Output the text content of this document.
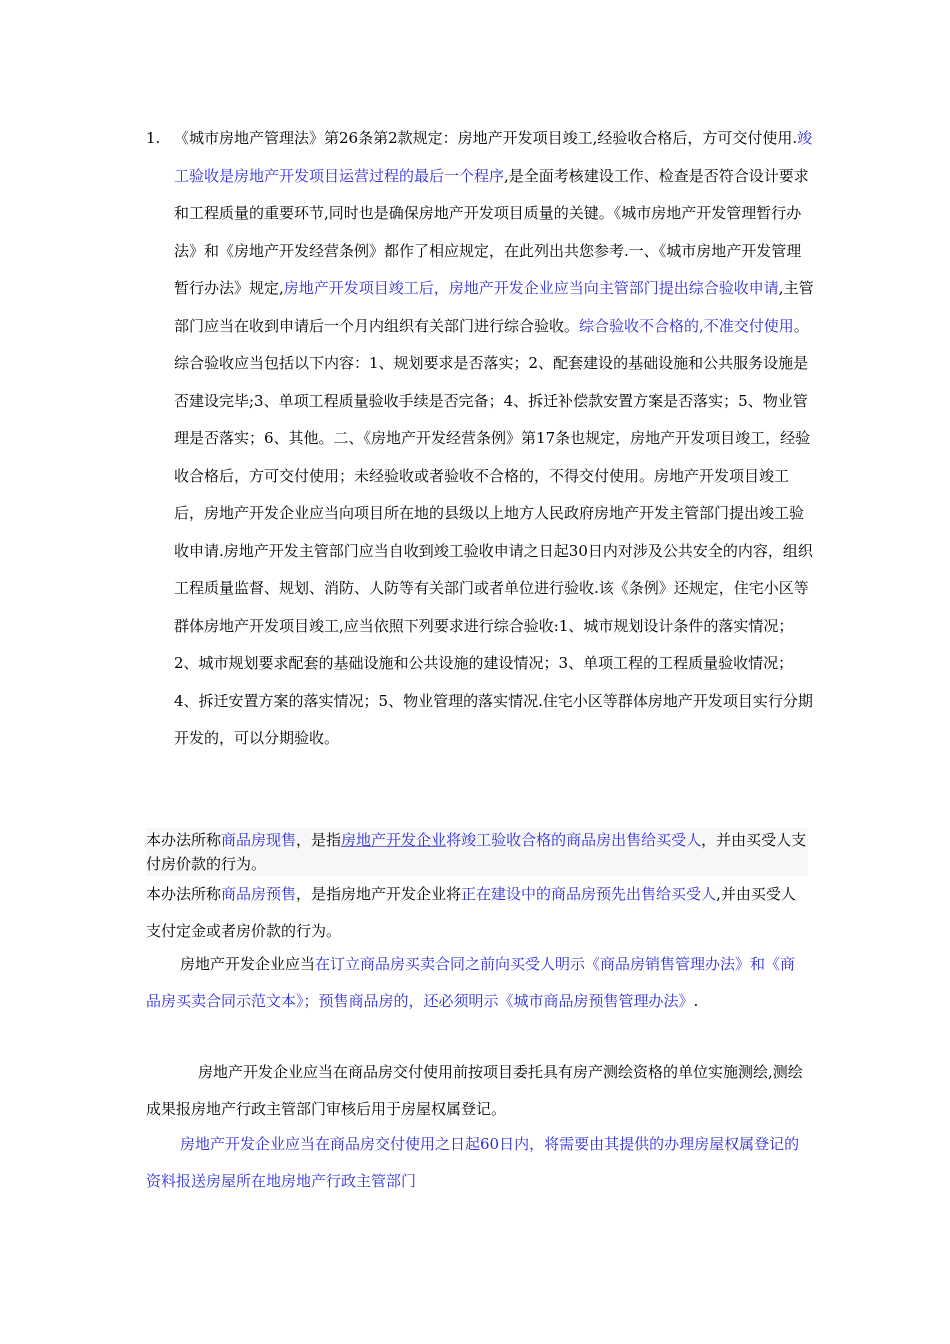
1. 《城市房地产管理法》第26条第2款规定：房地产开发项目竣工,经验收合格后，方可交付使用.竣工验收是房地产开发项目运营过程的最后一个程序,是全面考核建设工作、检查是否符合设计要求和工程质量的重要环节,同时也是确保房地产开发项目质量的关键。《城市房地产开发管理暂行办法》和《房地产开发经营条例》都作了相应规定，在此列出共您参考.一、《城市房地产开发管理暂行办法》规定,房地产开发项目竣工后，房地产开发企业应当向主管部门提出综合验收申请,主管部门应当在收到申请后一个月内组织有关部门进行综合验收。综合验收不合格的,不准交付使用。综合验收应当包括以下内容：1、规划要求是否落实；2、配套建设的基础设施和公共服务设施是否建设完毕;3、单项工程质量验收手续是否完备；4、拆迁补偿款安置方案是否落实；5、物业管理是否落实；6、其他。二、《房地产开发经营条例》第17条也规定，房地产开发项目竣工，经验收合格后，方可交付使用；未经验收或者验收不合格的，不得交付使用。房地产开发项目竣工后，房地产开发企业应当向项目所在地的县级以上地方人民政府房地产开发主管部门提出竣工验收申请.房地产开发主管部门应当自收到竣工验收申请之日起30日内对涉及公共安全的内容，组织工程质量监督、规划、消防、人防等有关部门或者单位进行验收.该《条例》还规定，住宅小区等群体房地产开发项目竣工,应当依照下列要求进行综合验收:1、城市规划设计条件的落实情况；2、城市规划要求配套的基础设施和公共设施的建设情况；3、单项工程的工程质量验收情况；4、拆迁安置方案的落实情况；5、物业管理的落实情况.住宅小区等群体房地产开发项目实行分期开发的，可以分期验收。
本办法所称商品房现售，是指房地产开发企业将竣工验收合格的商品房出售给买受人，并由买受人支付房价款的行为。
本办法所称商品房预售，是指房地产开发企业将正在建设中的商品房预先出售给买受人,并由买受人支付定金或者房价款的行为。
房地产开发企业应当在订立商品房买卖合同之前向买受人明示《商品房销售管理办法》和《商品房买卖合同示范文本》；预售商品房的，还必须明示《城市商品房预售管理办法》.
房地产开发企业应当在商品房交付使用前按项目委托具有房产测绘资格的单位实施测绘,测绘成果报房地产行政主管部门审核后用于房屋权属登记。
房地产开发企业应当在商品房交付使用之日起60日内，将需要由其提供的办理房屋权属登记的资料报送房屋所在地房地产行政主管部门
